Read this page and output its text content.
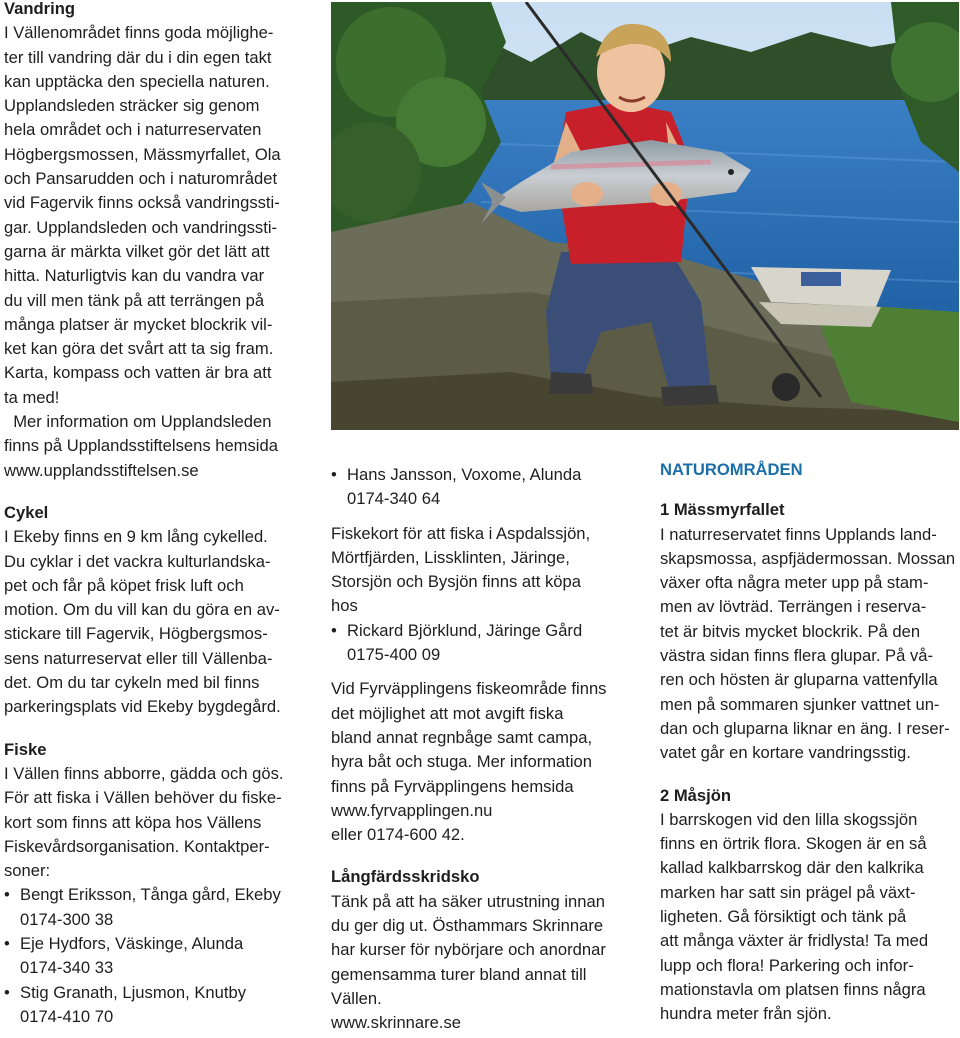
Vandring
I Vällenområdet finns goda möjlighe-
ter till vandring där du i din egen takt
kan upptäcka den speciella naturen.
Upplandsleden sträcker sig genom
hela området och i naturreservaten
Högbergsmossen, Mässmyrfallet, Ola
och Pansarudden och i naturområdet
vid Fagervik finns också vandringssti-
gar. Upplandsleden och vandringssti-
garna är märkta vilket gör det lätt att
hitta. Naturligtvis kan du vandra var
du vill men tänk på att terrängen på
många platser är mycket blockrik vil-
ket kan göra det svårt att ta sig fram.
Karta, kompass och vatten är bra att
ta med!
Mer information om Upplandsleden
finns på Upplandsstiftelsens hemsida
www.upplandsstiftelsen.se
Cykel
I Ekeby finns en 9 km lång cykelled.
Du cyklar i det vackra kulturlandska-
pet och får på köpet frisk luft och
motion. Om du vill kan du göra en av-
stickare till Fagervik, Högbergsmos-
sens naturreservat eller till Vällenba-
det. Om du tar cykeln med bil finns
parkeringsplats vid Ekeby bygdegård.
Fiske
I Vällen finns abborre, gädda och gös.
För att fiska i Vällen behöver du fiske-
kort som finns att köpa hos Vällens
Fiskevårdsorganisation. Kontaktper-
soner:
• Bengt Eriksson, Tånga gård, Ekeby
0174-300 38
• Eje Hydfors, Väskinge, Alunda
0174-340 33
• Stig Granath, Ljusmon, Knutby
0174-410 70
• Hans Jansson, Voxome, Alunda
0174-340 64
Fiskekort för att fiska i Aspdalssjön,
Mörtfjärden, Lissklinten, Järinge,
Storsjön och Bysjön finns att köpa
hos
• Rickard Björklund, Järinge Gård
0175-400 09
Vid Fyrväpplingens fiskeområde finns
det möjlighet att mot avgift fiska
bland annat regnbåge samt campa,
hyra båt och stuga. Mer information
finns på Fyrväpplingens hemsida
www.fyrvapplingen.nu
eller 0174-600 42.
Långfärdsskridsko
Tänk på att ha säker utrustning innan
du ger dig ut. Östhammars Skrinnare
har kurser för nybörjare och anordnar
gemensamma turer bland annat till
Vällen.
www.skrinnare.se
NATUROMRÅDEN
1 Mässmyrfallet
I naturreservatet finns Upplands land-
skapsmossa, aspfjädermossan. Mossan
växer ofta några meter upp på stam-
men av lövträd. Terrängen i reserva-
tet är bitvis mycket blockrik. På den
västra sidan finns flera glupar. På vå-
ren och hösten är gluparna vattenfylla
men på sommaren sjunker vattnet un-
dan och gluparna liknar en äng. I reser-
vatet går en kortare vandringsstig.
2 Måsjön
I barrskogen vid den lilla skogssjön
finns en örtrik flora. Skogen är en så
kallad kalkbarrskog där den kalkrika
marken har satt sin prägel på växt-
ligheten. Gå försiktigt och tänk på
att många växter är fridlysta! Ta med
lupp och flora! Parkering och infor-
mationstavla om platsen finns några
hundra meter från sjön.
